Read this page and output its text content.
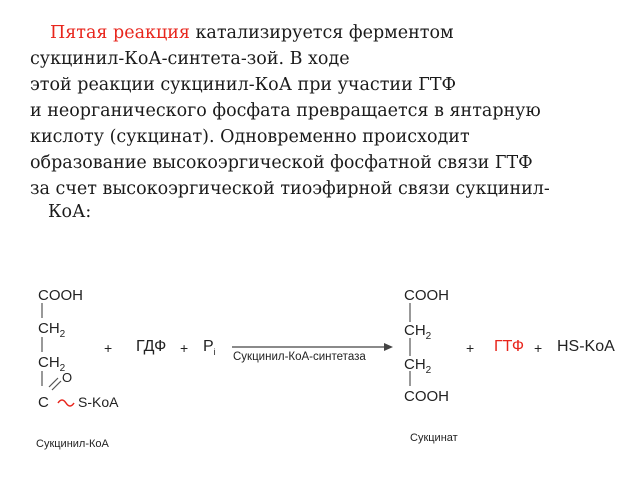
Пятая реакция катализируется ферментом
сукцинил-КоА-синтета-зой. В ходе
этой реакции сукцинил-КоА при участии ГТФ
и неорганического фосфата превращается в янтарную
кислоту (сукцинат). Одновременно происходит
образование высокоэргической фосфатной связи ГТФ
за счет высокоэргической тиоэфирной связи сукцинил-
КоА:
COOH
$CH_2$
$CH_2$
O
C S-KoA
Сукцинил-КоА
+ ГДФ + $P_i$ Сукцинил-КоА-синтетаза
COOH
$CH_2$
$CH_2$
COOH
Сукцинат
+ ГТФ + HS-KoA
